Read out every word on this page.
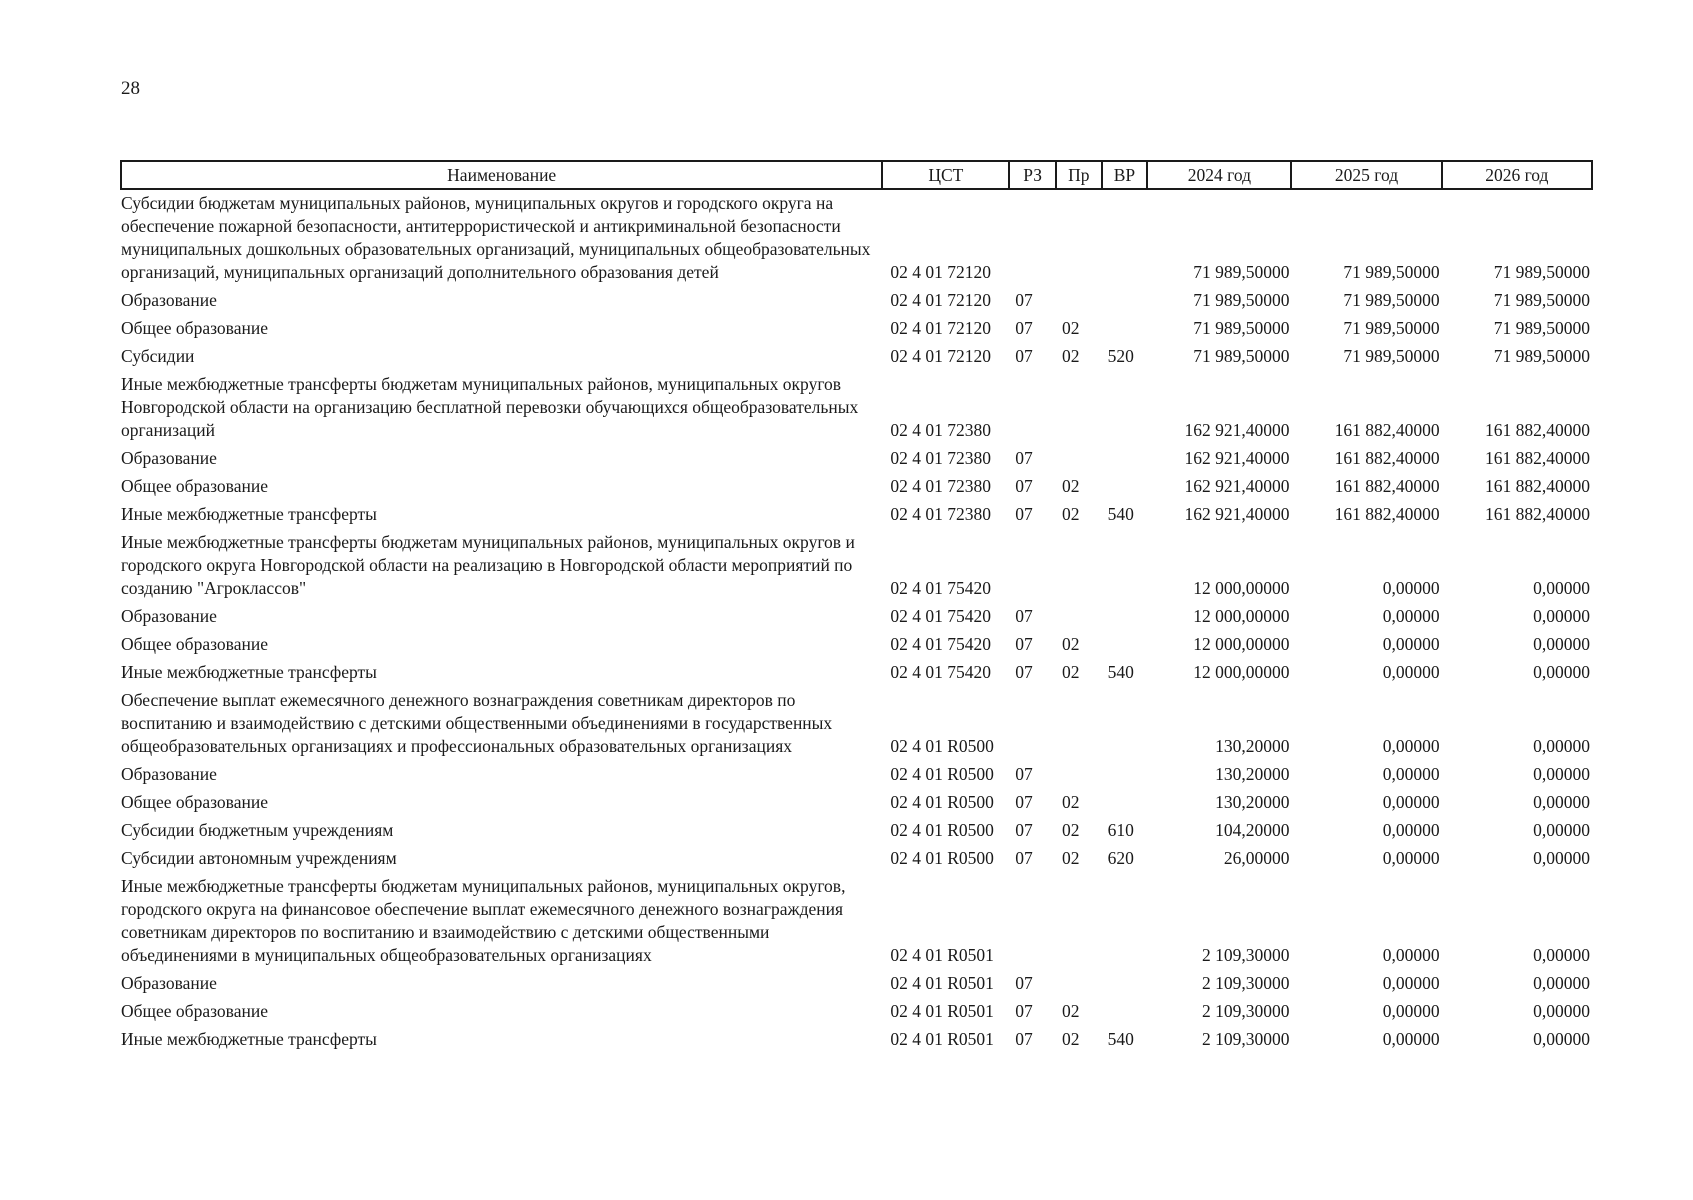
28
Наименование	ЦСТ	РЗ	Пр	ВР	2024 год	2025 год	2026 год
Субсидии бюджетам муниципальных районов, муниципальных округов и городского округа на обеспечение пожарной безопасности, антитеррористической и антикриминальной безопасности муниципальных дошкольных образовательных организаций, муниципальных общеобразовательных организаций, муниципальных организаций дополнительного образования детей	02 4 01 72120				71 989,50000	71 989,50000	71 989,50000
Образование	02 4 01 72120	07			71 989,50000	71 989,50000	71 989,50000
Общее образование	02 4 01 72120	07	02		71 989,50000	71 989,50000	71 989,50000
Субсидии	02 4 01 72120	07	02	520	71 989,50000	71 989,50000	71 989,50000
Иные межбюджетные трансферты бюджетам муниципальных районов, муниципальных округов Новгородской области на организацию бесплатной перевозки обучающихся общеобразовательных организаций	02 4 01 72380				162 921,40000	161 882,40000	161 882,40000
Образование	02 4 01 72380	07			162 921,40000	161 882,40000	161 882,40000
Общее образование	02 4 01 72380	07	02		162 921,40000	161 882,40000	161 882,40000
Иные межбюджетные трансферты	02 4 01 72380	07	02	540	162 921,40000	161 882,40000	161 882,40000
Иные межбюджетные трансферты бюджетам муниципальных районов, муниципальных округов и городского округа Новгородской области на реализацию в Новгородской области мероприятий по созданию "Агроклассов"	02 4 01 75420				12 000,00000	0,00000	0,00000
Образование	02 4 01 75420	07			12 000,00000	0,00000	0,00000
Общее образование	02 4 01 75420	07	02		12 000,00000	0,00000	0,00000
Иные межбюджетные трансферты	02 4 01 75420	07	02	540	12 000,00000	0,00000	0,00000
Обеспечение выплат ежемесячного денежного вознаграждения советникам директоров по воспитанию и взаимодействию с детскими общественными объединениями в государственных общеобразовательных организациях и профессиональных образовательных организациях	02 4 01 R0500				130,20000	0,00000	0,00000
Образование	02 4 01 R0500	07			130,20000	0,00000	0,00000
Общее образование	02 4 01 R0500	07	02		130,20000	0,00000	0,00000
Субсидии бюджетным учреждениям	02 4 01 R0500	07	02	610	104,20000	0,00000	0,00000
Субсидии автономным учреждениям	02 4 01 R0500	07	02	620	26,00000	0,00000	0,00000
Иные межбюджетные трансферты бюджетам муниципальных районов, муниципальных округов, городского округа на финансовое обеспечение выплат ежемесячного денежного вознаграждения советникам директоров по воспитанию и взаимодействию с детскими общественными объединениями в муниципальных общеобразовательных организациях	02 4 01 R0501				2 109,30000	0,00000	0,00000
Образование	02 4 01 R0501	07			2 109,30000	0,00000	0,00000
Общее образование	02 4 01 R0501	07	02		2 109,30000	0,00000	0,00000
Иные межбюджетные трансферты	02 4 01 R0501	07	02	540	2 109,30000	0,00000	0,00000
